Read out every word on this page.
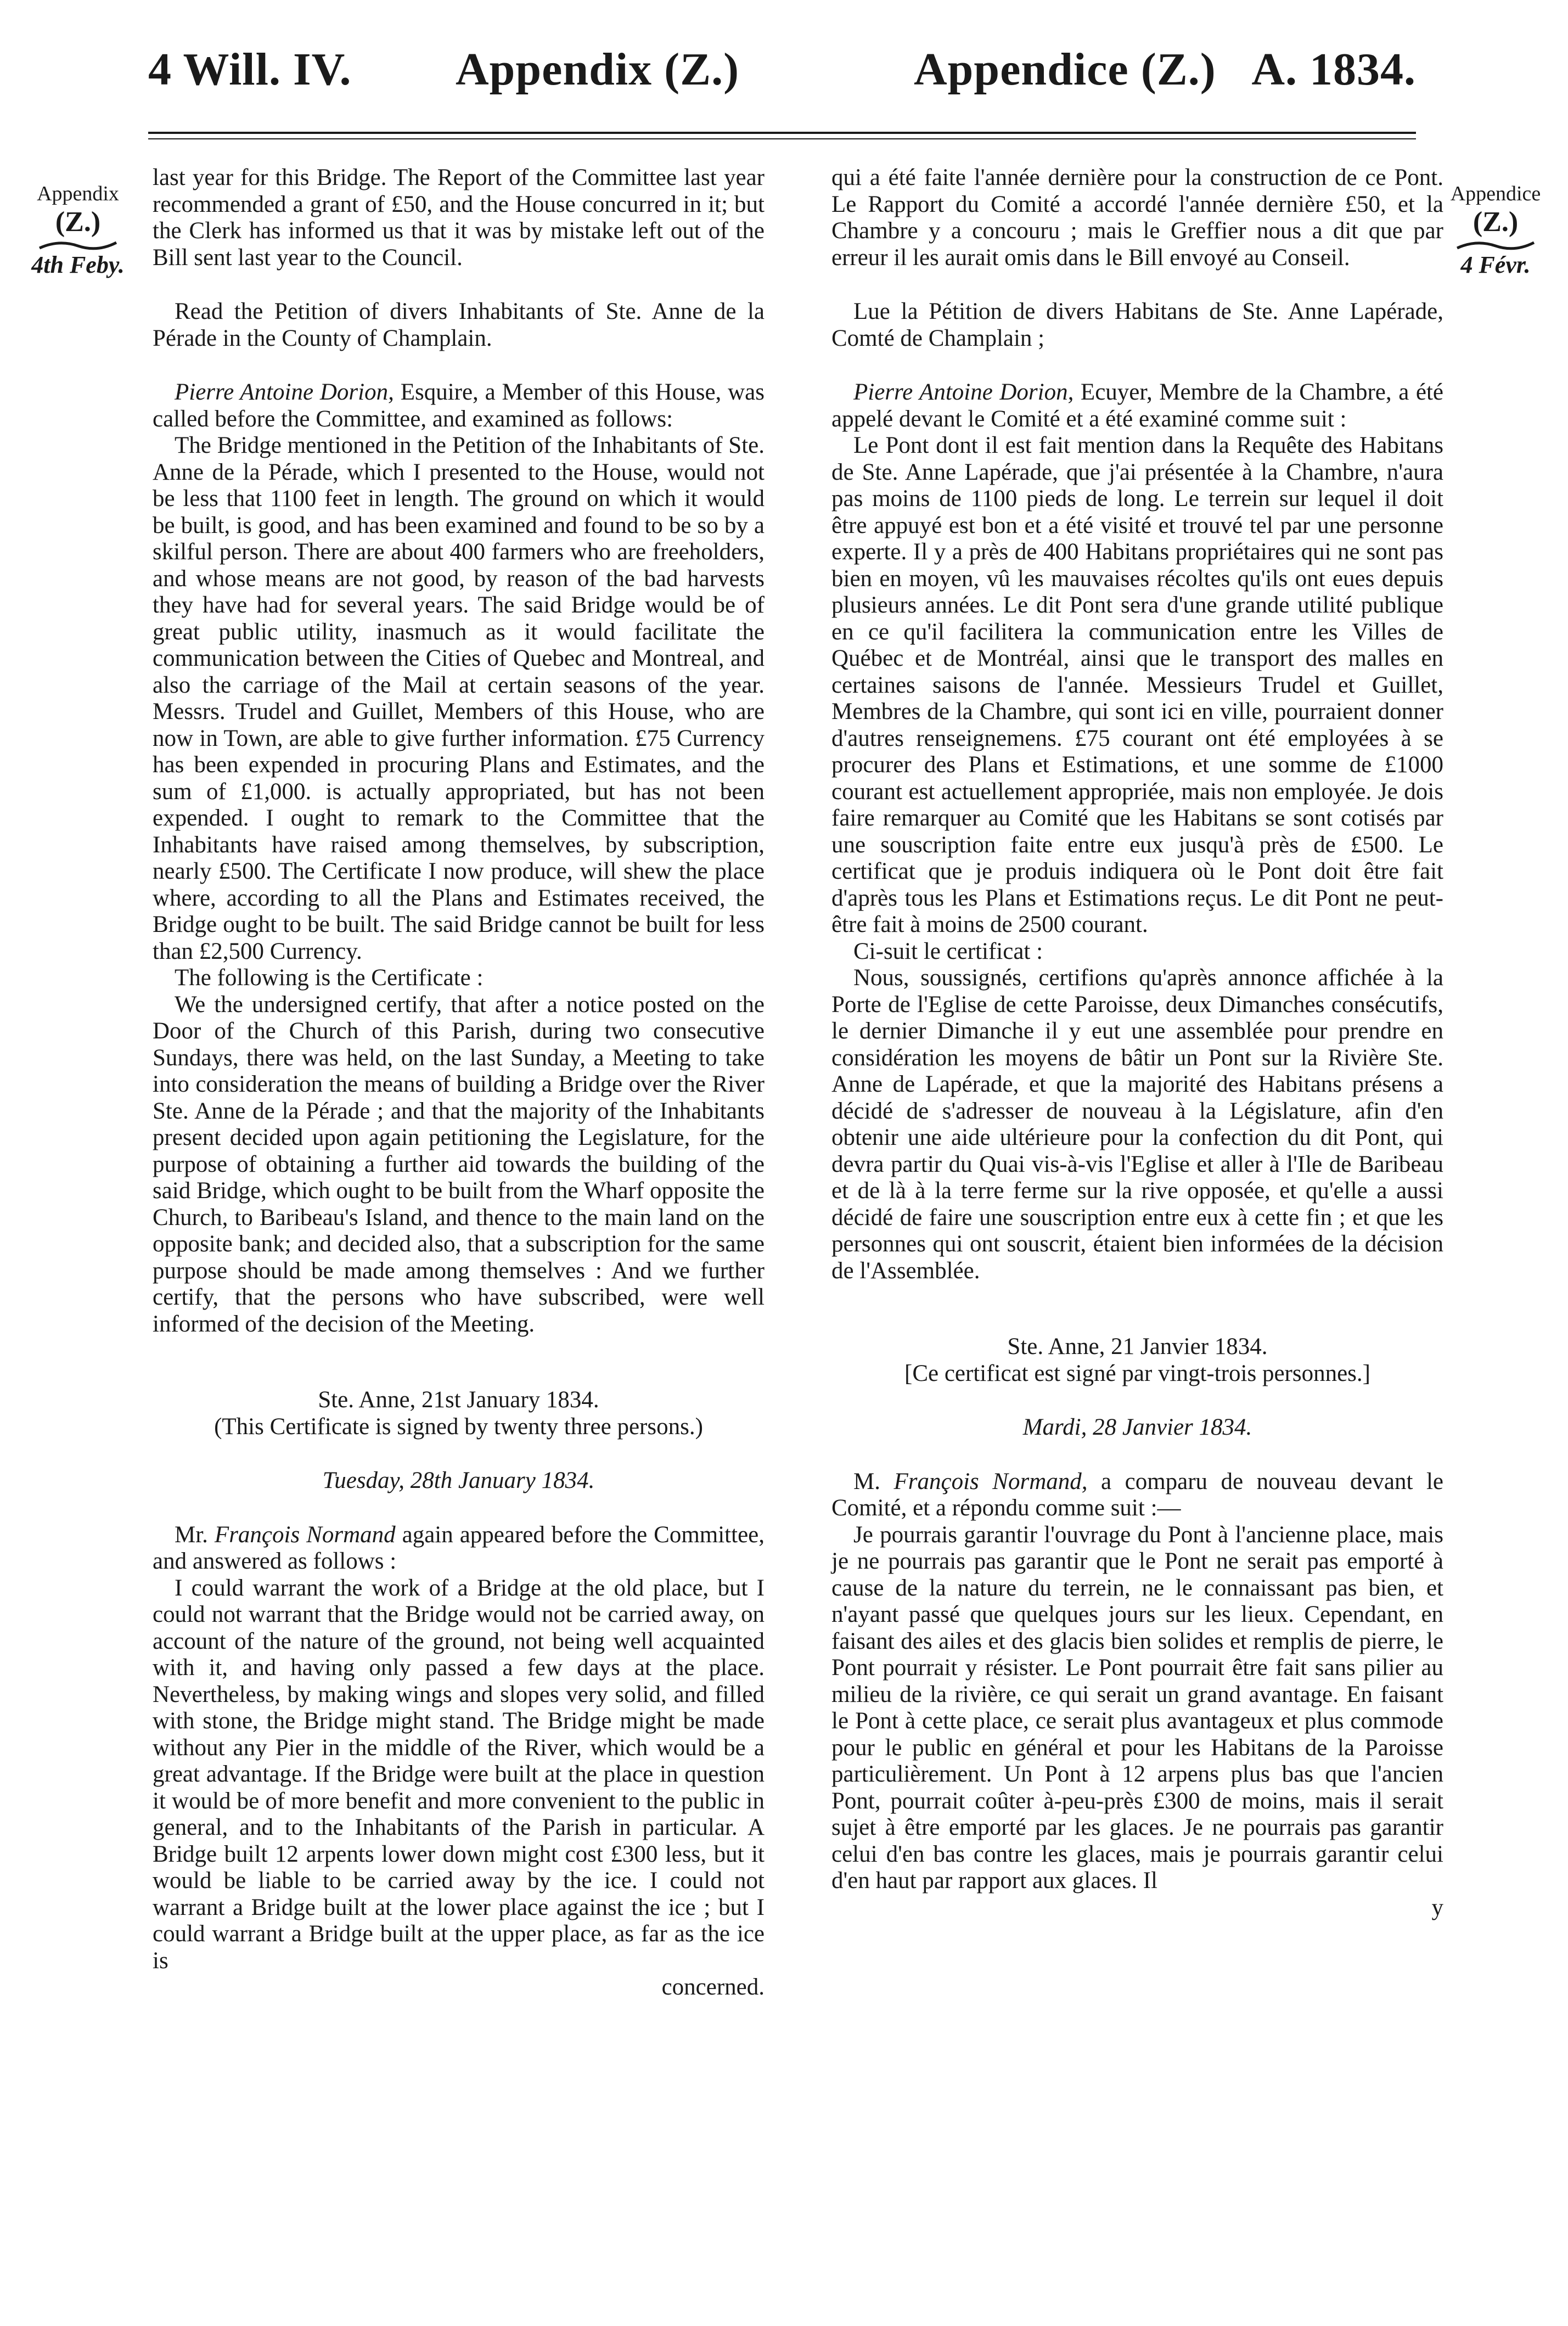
4 Will. IV. Appendix (Z.)	Appendice (Z.) A. 1834.
Appendix
(Z.)
4th Feby.
Appendice
(Z.)
4 Févr.

last year for this Bridge. The Report of the Committee last year recommended a grant of £50, and the House concurred in it; but the Clerk has informed us that it was by mistake left out of the Bill sent last year to the Council.

Read the Petition of divers Inhabitants of Ste. Anne de la Pérade in the County of Champlain.

Pierre Antoine Dorion, Esquire, a Member of this House, was called before the Committee, and examined as follows:

The Bridge mentioned in the Petition of the Inhabitants of Ste. Anne de la Pérade, which I presented to the House, would not be less that 1100 feet in length. The ground on which it would be built, is good, and has been examined and found to be so by a skilful person. There are about 400 farmers who are freeholders, and whose means are not good, by reason of the bad harvests they have had for several years. The said Bridge would be of great public utility, inasmuch as it would facilitate the communication between the Cities of Quebec and Montreal, and also the carriage of the Mail at certain seasons of the year. Messrs. Trudel and Guillet, Members of this House, who are now in Town, are able to give further information. £75 Currency has been expended in procuring Plans and Estimates, and the sum of £1,000. is actually appropriated, but has not been expended. I ought to remark to the Committee that the Inhabitants have raised among themselves, by subscription, nearly £500. The Certificate I now produce, will shew the place where, according to all the Plans and Estimates received, the Bridge ought to be built. The said Bridge cannot be built for less than £2,500 Currency.

The following is the Certificate :

We the undersigned certify, that after a notice posted on the Door of the Church of this Parish, during two consecutive Sundays, there was held, on the last Sunday, a Meeting to take into consideration the means of building a Bridge over the River Ste. Anne de la Pérade ; and that the majority of the Inhabitants present decided upon again petitioning the Legislature, for the purpose of obtaining a further aid towards the building of the said Bridge, which ought to be built from the Wharf opposite the Church, to Baribeau's Island, and thence to the main land on the opposite bank; and decided also, that a subscription for the same purpose should be made among themselves : And we further certify, that the persons who have subscribed, were well informed of the decision of the Meeting.

Ste. Anne, 21st January 1834.

(This Certificate is signed by twenty three persons.)

Tuesday, 28th January 1834.

Mr. François Normand again appeared before the Committee, and answered as follows :

I could warrant the work of a Bridge at the old place, but I could not warrant that the Bridge would not be carried away, on account of the nature of the ground, not being well acquainted with it, and having only passed a few days at the place. Nevertheless, by making wings and slopes very solid, and filled with stone, the Bridge might stand. The Bridge might be made without any Pier in the middle of the River, which would be a great advantage. If the Bridge were built at the place in question it would be of more benefit and more convenient to the public in general, and to the Inhabitants of the Parish in particular. A Bridge built 12 arpents lower down might cost £300 less, but it would be liable to be carried away by the ice. I could not warrant a Bridge built at the lower place against the ice ; but I could warrant a Bridge built at the upper place, as far as the ice is

concerned.

qui a été faite l'année dernière pour la construction de ce Pont. Le Rapport du Comité a accordé l'année dernière £50, et la Chambre y a concouru ; mais le Greffier nous a dit que par erreur il les aurait omis dans le Bill envoyé au Conseil.

Lue la Pétition de divers Habitans de Ste. Anne Lapérade, Comté de Champlain ;

Pierre Antoine Dorion, Ecuyer, Membre de la Chambre, a été appelé devant le Comité et a été examiné comme suit :

Le Pont dont il est fait mention dans la Requête des Habitans de Ste. Anne Lapérade, que j'ai présentée à la Chambre, n'aura pas moins de 1100 pieds de long. Le terrein sur lequel il doit être appuyé est bon et a été visité et trouvé tel par une personne experte. Il y a près de 400 Habitans propriétaires qui ne sont pas bien en moyen, vû les mauvaises récoltes qu'ils ont eues depuis plusieurs années. Le dit Pont sera d'une grande utilité publique en ce qu'il facilitera la communication entre les Villes de Québec et de Montréal, ainsi que le transport des malles en certaines saisons de l'année. Messieurs Trudel et Guillet, Membres de la Chambre, qui sont ici en ville, pourraient donner d'autres renseignemens. £75 courant ont été employées à se procurer des Plans et Estimations, et une somme de £1000 courant est actuellement appropriée, mais non employée. Je dois faire remarquer au Comité que les Habitans se sont cotisés par une souscription faite entre eux jusqu'à près de £500. Le certificat que je produis indiquera où le Pont doit être fait d'après tous les Plans et Estimations reçus. Le dit Pont ne peut-être fait à moins de 2500 courant.

Ci-suit le certificat :

Nous, soussignés, certifions qu'après annonce affichée à la Porte de l'Eglise de cette Paroisse, deux Dimanches consécutifs, le dernier Dimanche il y eut une assemblée pour prendre en considération les moyens de bâtir un Pont sur la Rivière Ste. Anne de Lapérade, et que la majorité des Habitans présens a décidé de s'adresser de nouveau à la Législature, afin d'en obtenir une aide ultérieure pour la confection du dit Pont, qui devra partir du Quai vis-à-vis l'Eglise et aller à l'Ile de Baribeau et de là à la terre ferme sur la rive opposée, et qu'elle a aussi décidé de faire une souscription entre eux à cette fin ; et que les personnes qui ont souscrit, étaient bien informées de la décision de l'Assemblée.

Ste. Anne, 21 Janvier 1834.

[Ce certificat est signé par vingt-trois personnes.]

Mardi, 28 Janvier 1834.

M. François Normand, a comparu de nouveau devant le Comité, et a répondu comme suit :—

Je pourrais garantir l'ouvrage du Pont à l'ancienne place, mais je ne pourrais pas garantir que le Pont ne serait pas emporté à cause de la nature du terrein, ne le connaissant pas bien, et n'ayant passé que quelques jours sur les lieux. Cependant, en faisant des ailes et des glacis bien solides et remplis de pierre, le Pont pourrait y résister. Le Pont pourrait être fait sans pilier au milieu de la rivière, ce qui serait un grand avantage. En faisant le Pont à cette place, ce serait plus avantageux et plus commode pour le public en général et pour les Habitans de la Paroisse particulièrement. Un Pont à 12 arpens plus bas que l'ancien Pont, pourrait coûter à-peu-près £300 de moins, mais il serait sujet à être emporté par les glaces. Je ne pourrais pas garantir celui d'en bas contre les glaces, mais je pourrais garantir celui d'en haut par rapport aux glaces. Il

y
